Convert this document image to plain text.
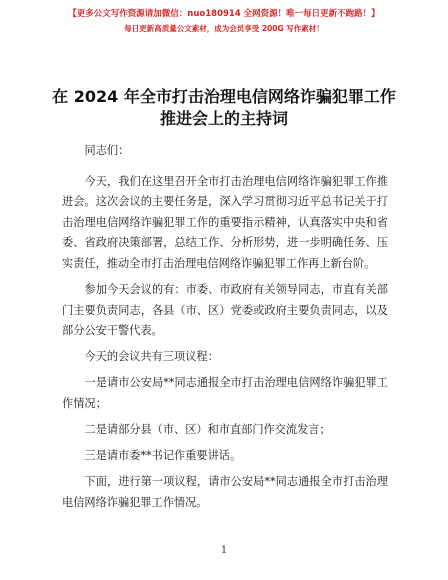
【更多公文写作资源请加微信：nuo180914 全网资源！唯一每日更新不跑路！】
每日更新高质量公文素材，成为会员享受 200G 写作素材！
在 2024 年全市打击治理电信网络诈骗犯罪工作
推进会上的主持词

同志们：

今天，我们在这里召开全市打击治理电信网络诈骗犯罪工作推进会。这次会议的主要任务是，深入学习贯彻习近平总书记关于打击治理电信网络诈骗犯罪工作的重要指示精神，认真落实中央和省委、省政府决策部署，总结工作、分析形势，进一步明确任务、压实责任，推动全市打击治理电信网络诈骗犯罪工作再上新台阶。

参加今天会议的有：市委、市政府有关领导同志，市直有关部门主要负责同志，各县（市、区）党委或政府主要负责同志，以及部分公安干警代表。

今天的会议共有三项议程：

一是请市公安局**同志通报全市打击治理电信网络诈骗犯罪工作情况；

二是请部分县（市、区）和市直部门作交流发言；

三是请市委**书记作重要讲话。

下面，进行第一项议程，请市公安局**同志通报全市打击治理电信网络诈骗犯罪工作情况。

1
